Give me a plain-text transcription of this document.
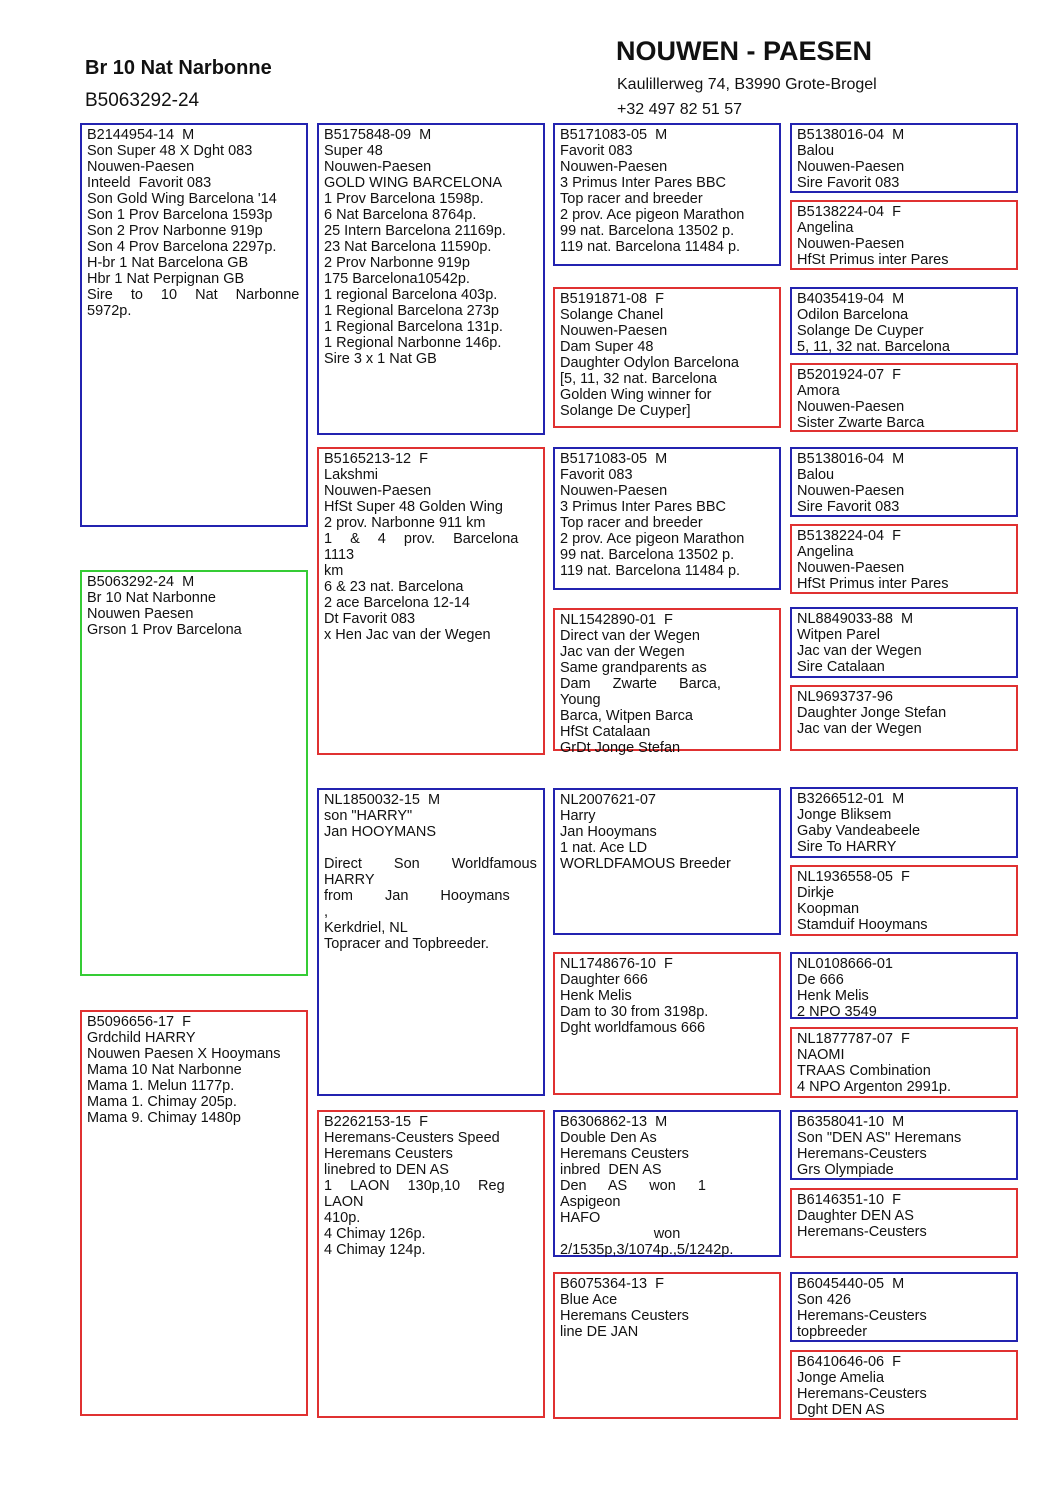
Br 10 Nat Narbonne
B5063292-24
NOUWEN - PAESEN
Kaulillerweg 74, B3990 Grote-Brogel
+32 497 82 51 57
B2144954-14  M
Son Super 48 X Dght 083
Nouwen-Paesen
Inteeld  Favorit 083
Son Gold Wing Barcelona '14
Son 1 Prov Barcelona 1593p
Son 2 Prov Narbonne 919p
Son 4 Prov Barcelona 2297p.
H-br 1 Nat Barcelona GB
Hbr 1 Nat Perpignan GB
Sire to 10 Nat Narbonne
5972p.
B5063292-24  M
Br 10 Nat Narbonne
Nouwen Paesen
Grson 1 Prov Barcelona
B5096656-17  F
Grdchild HARRY
Nouwen Paesen X Hooymans
Mama 10 Nat Narbonne
Mama 1. Melun 1177p.
Mama 1. Chimay 205p.
Mama 9. Chimay 1480p
B5175848-09  M
Super 48
Nouwen-Paesen
GOLD WING BARCELONA
1 Prov Barcelona 1598p.
6 Nat Barcelona 8764p.
25 Intern Barcelona 21169p.
23 Nat Barcelona 11590p.
2 Prov Narbonne 919p
175 Barcelona10542p.
1 regional Barcelona 403p.
1 Regional Barcelona 273p
1 Regional Barcelona 131p.
1 Regional Narbonne 146p.
Sire 3 x 1 Nat GB
B5165213-12  F
Lakshmi
Nouwen-Paesen
HfSt Super 48 Golden Wing
2 prov. Narbonne 911 km
1 & 4 prov. Barcelona 1113
km
6 & 23 nat. Barcelona
2 ace Barcelona 12-14
Dt Favorit 083
x Hen Jac van der Wegen
NL1850032-15  M
son "HARRY"
Jan HOOYMANS

Direct Son Worldfamous
HARRY
from Jan Hooymans ,
Kerkdriel, NL
Topracer and Topbreeder.
B2262153-15  F
Heremans-Ceusters Speed
Heremans Ceusters
linebred to DEN AS
1 LAON 130p,10 Reg LAON
410p.
4 Chimay 126p.
4 Chimay 124p.
B5171083-05  M
Favorit 083
Nouwen-Paesen
3 Primus Inter Pares BBC
Top racer and breeder
2 prov. Ace pigeon Marathon
99 nat. Barcelona 13502 p.
119 nat. Barcelona 11484 p.
B5191871-08  F
Solange Chanel
Nouwen-Paesen
Dam Super 48
Daughter Odylon Barcelona
[5, 11, 32 nat. Barcelona
Golden Wing winner for
Solange De Cuyper]
B5171083-05  M
Favorit 083
Nouwen-Paesen
3 Primus Inter Pares BBC
Top racer and breeder
2 prov. Ace pigeon Marathon
99 nat. Barcelona 13502 p.
119 nat. Barcelona 11484 p.
NL1542890-01  F
Direct van der Wegen
Jac van der Wegen
Same grandparents as
Dam Zwarte Barca, Young
Barca, Witpen Barca
HfSt Catalaan
GrDt Jonge Stefan
NL2007621-07
Harry
Jan Hooymans
1 nat. Ace LD
WORLDFAMOUS Breeder
NL1748676-10  F
Daughter 666
Henk Melis
Dam to 30 from 3198p.
Dght worldfamous 666
B6306862-13  M
Double Den As
Heremans Ceusters
inbred  DEN AS
Den AS won 1 Aspigeon
HAFO
won
2/1535p,3/1074p.,5/1242p.
B6075364-13  F
Blue Ace
Heremans Ceusters
line DE JAN
B5138016-04  M
Balou
Nouwen-Paesen
Sire Favorit 083
B5138224-04  F
Angelina
Nouwen-Paesen
HfSt Primus inter Pares
B4035419-04  M
Odilon Barcelona
Solange De Cuyper
5, 11, 32 nat. Barcelona
B5201924-07  F
Amora
Nouwen-Paesen
Sister Zwarte Barca
B5138016-04  M
Balou
Nouwen-Paesen
Sire Favorit 083
B5138224-04  F
Angelina
Nouwen-Paesen
HfSt Primus inter Pares
NL8849033-88  M
Witpen Parel
Jac van der Wegen
Sire Catalaan
NL9693737-96
Daughter Jonge Stefan
Jac van der Wegen
B3266512-01  M
Jonge Bliksem
Gaby Vandeabeele
Sire To HARRY
NL1936558-05  F
Dirkje
Koopman
Stamduif Hooymans
NL0108666-01
De 666
Henk Melis
2 NPO 3549
NL1877787-07  F
NAOMI
TRAAS Combination
4 NPO Argenton 2991p.
B6358041-10  M
Son "DEN AS" Heremans
Heremans-Ceusters
Grs Olympiade
B6146351-10  F
Daughter DEN AS
Heremans-Ceusters
B6045440-05  M
Son 426
Heremans-Ceusters
topbreeder
B6410646-06  F
Jonge Amelia
Heremans-Ceusters
Dght DEN AS
